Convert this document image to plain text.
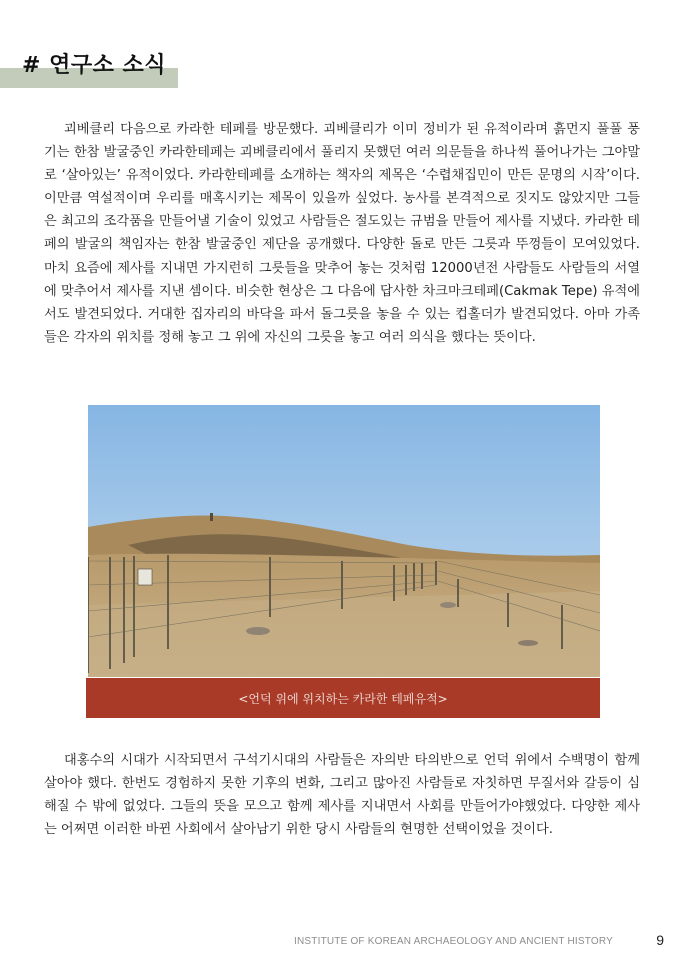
# 연구소 소식

괴베클리 다음으로 카라한 테페를 방문했다. 괴베클리가 이미 정비가 된 유적이라며 흙먼지 풀풀 풍기는 한참 발굴중인 카라한테페는 괴베클리에서 풀리지 못했던 여러 의문들을 하나씩 풀어나가는 그야말로 ‘살아있는’ 유적이었다. 카라한테페를 소개하는 책자의 제목은 ‘수렵채집민이 만든 문명의 시작’이다. 이만큼 역설적이며 우리를 매혹시키는 제목이 있을까 싶었다. 농사를 본격적으로 짓지도 않았지만 그들은 최고의 조각품을 만들어낼 기술이 있었고 사람들은 절도있는 규범을 만들어 제사를 지냈다. 카라한 테페의 발굴의 책임자는 한참 발굴중인 제단을 공개했다. 다양한 돌로 만든 그릇과 뚜껑들이 모여있었다. 마치 요즘에 제사를 지내면 가지런히 그릇들을 맞추어 놓는 것처럼 12000년전 사람들도 사람들의 서열에 맞추어서 제사를 지낸 셈이다. 비슷한 현상은 그 다음에 답사한 차크마크테페(Cakmak Tepe) 유적에서도 발견되었다. 거대한 집자리의 바닥을 파서 돌그릇을 놓을 수 있는 컵홀더가 발견되었다. 아마 가족들은 각자의 위치를 정해 놓고 그 위에 자신의 그릇을 놓고 여러 의식을 했다는 뜻이다.

<언덕 위에 위치하는 카라한 테페유적>

대홍수의 시대가 시작되면서 구석기시대의 사람들은 자의반 타의반으로 언덕 위에서 수백명이 함께 살아야 했다. 한번도 경험하지 못한 기후의 변화, 그리고 많아진 사람들로 자칫하면 무질서와 갈등이 심해질 수 밖에 없었다. 그들의 뜻을 모으고 함께 제사를 지내면서 사회를 만들어가야했었다. 다양한 제사는 어쩌면 이러한 바뀐 사회에서 살아남기 위한 당시 사람들의 현명한 선택이었을 것이다.

INSTITUTE OF KOREAN ARCHAEOLOGY AND ANCIENT HISTORY	9
